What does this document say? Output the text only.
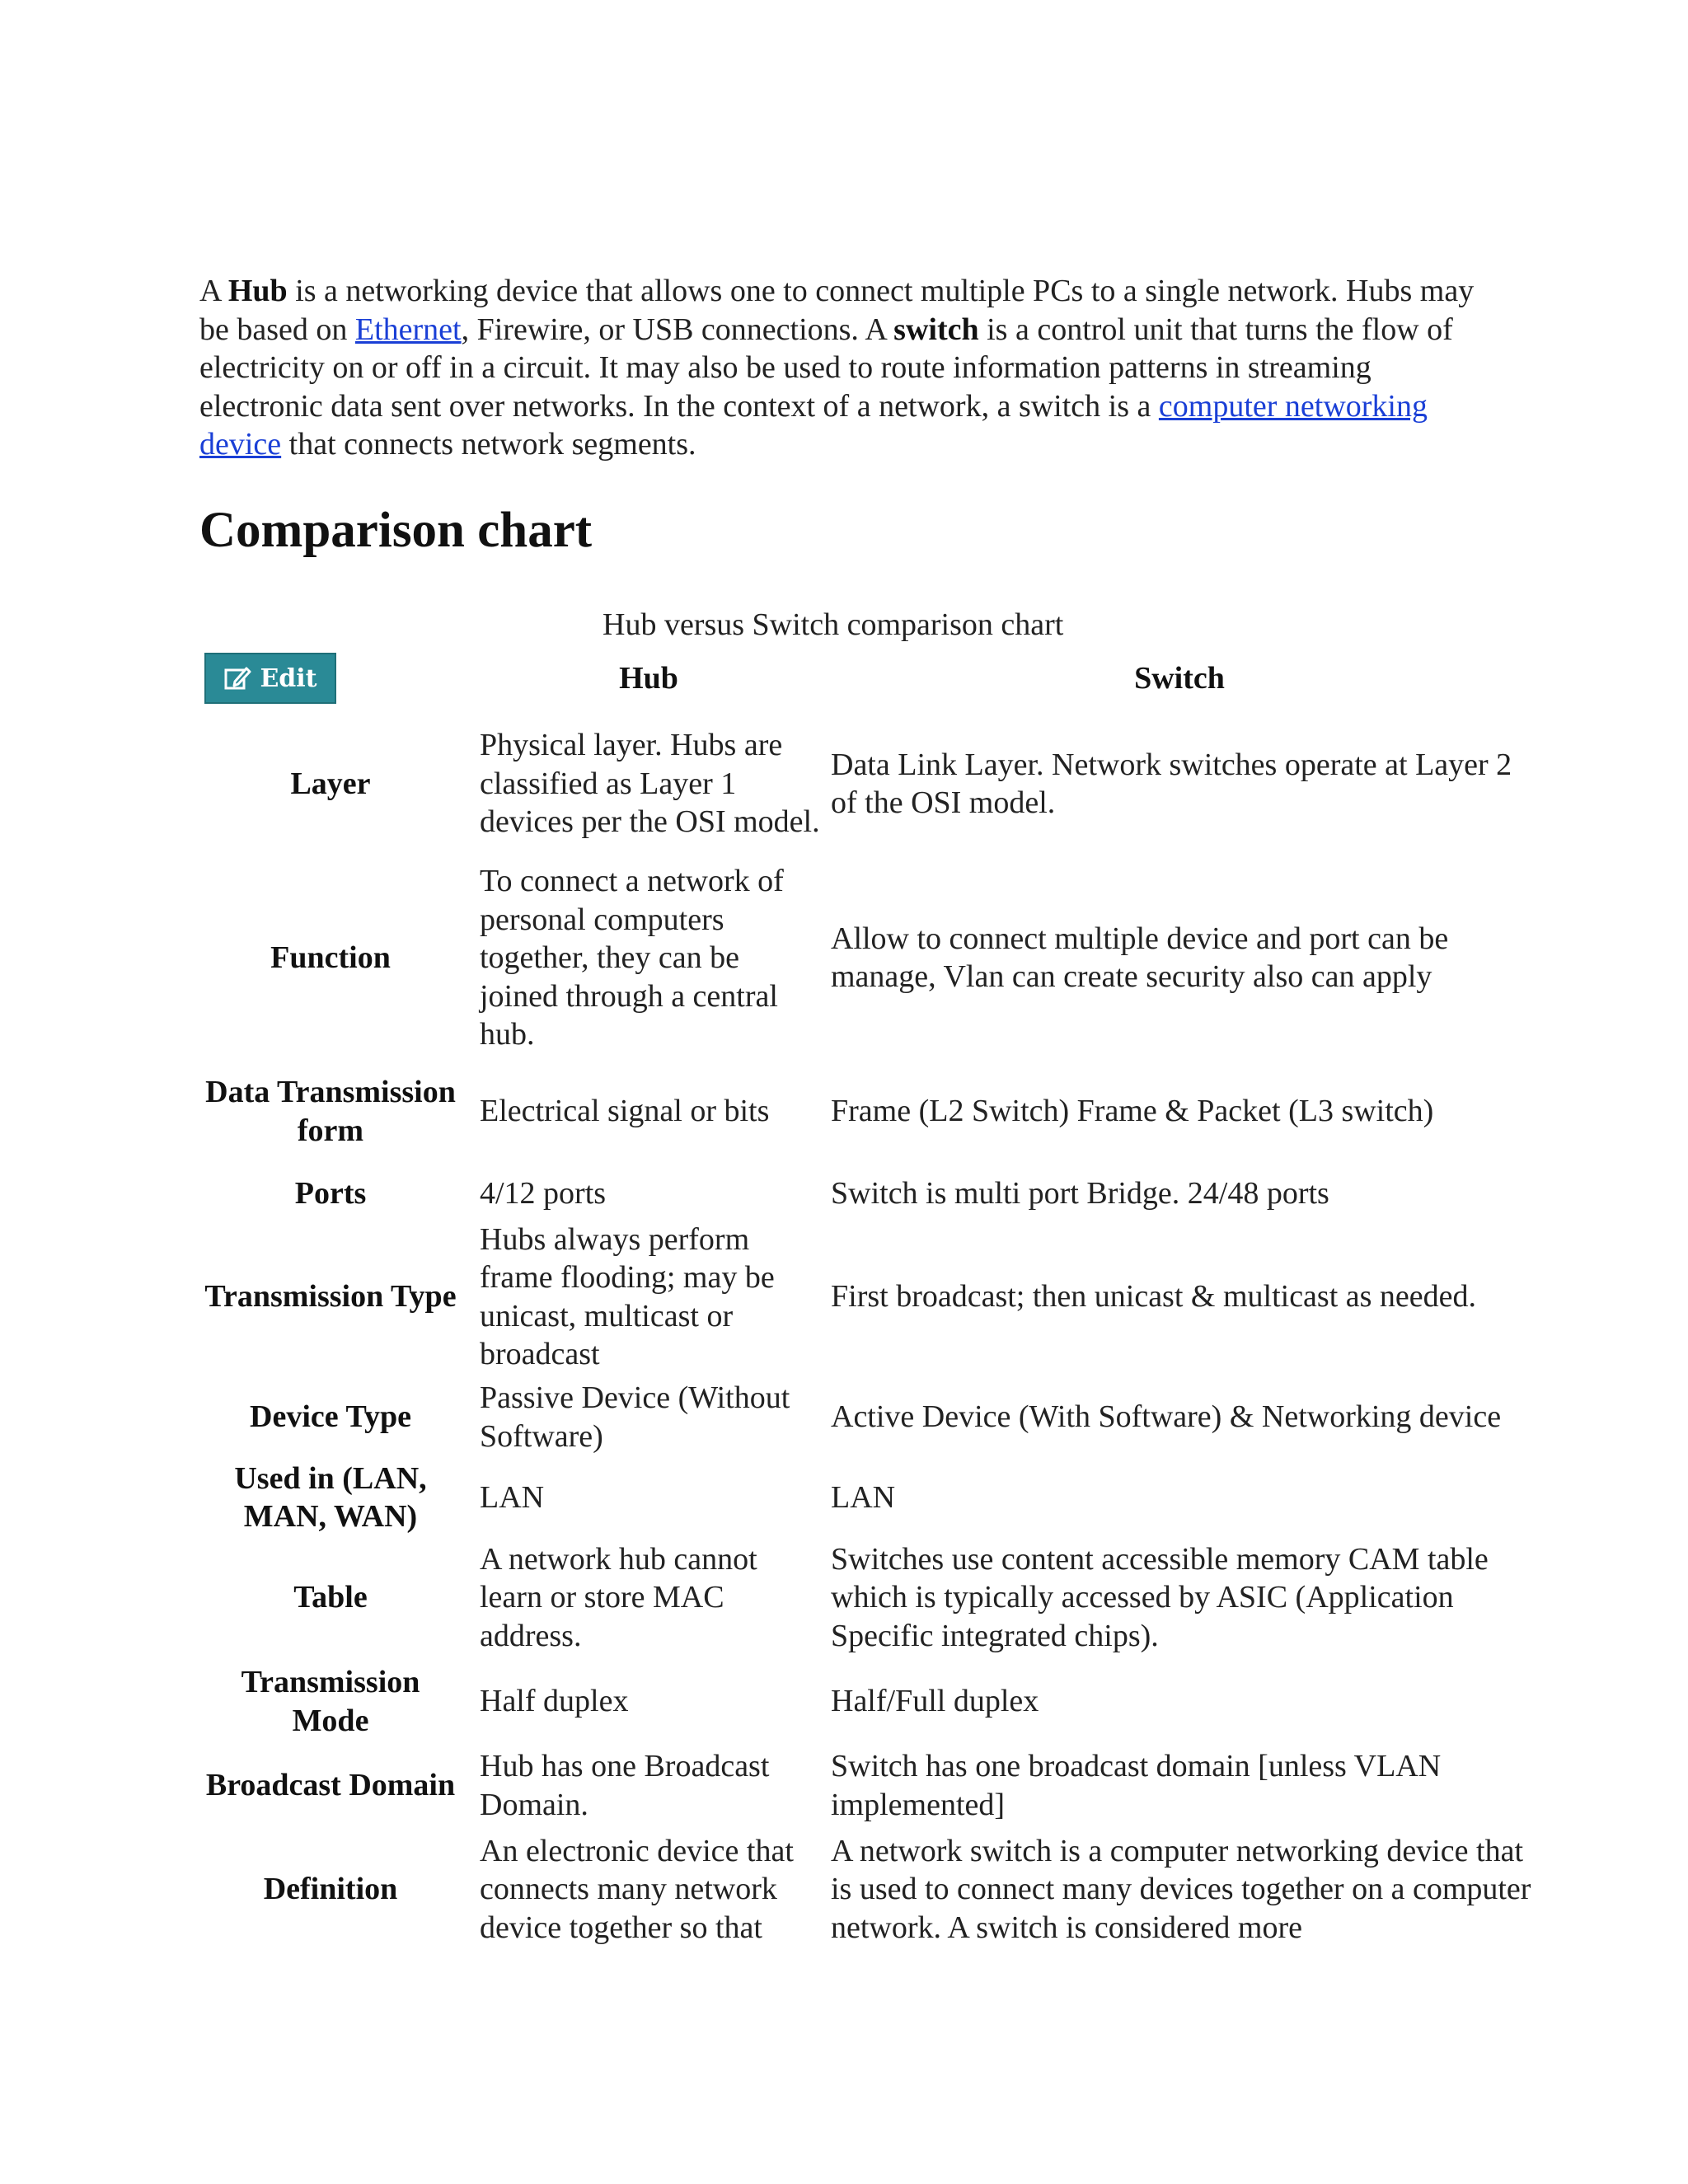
A Hub is a networking device that allows one to connect multiple PCs to a single network. Hubs may be based on Ethernet, Firewire, or USB connections. A switch is a control unit that turns the flow of electricity on or off in a circuit. It may also be used to route information patterns in streaming electronic data sent over networks. In the context of a network, a switch is a computer networking device that connects network segments.

Comparison chart
Hub versus Switch comparison chart
Edit
		Hub	Switch
Layer	Physical layer. Hubs are classified as Layer 1 devices per the OSI model.	Data Link Layer. Network switches operate at Layer 2 of the OSI model.
Function	To connect a network of personal computers together, they can be joined through a central hub.	Allow to connect multiple device and port can be manage, Vlan can create security also can apply
Data Transmission form	Electrical signal or bits	Frame (L2 Switch) Frame & Packet (L3 switch)
Ports	4/12 ports	Switch is multi port Bridge. 24/48 ports
Transmission Type	Hubs always perform frame flooding; may be unicast, multicast or broadcast	First broadcast; then unicast & multicast as needed.
Device Type	Passive Device (Without Software)	Active Device (With Software) & Networking device
Used in (LAN, MAN, WAN)	LAN	LAN
Table	A network hub cannot learn or store MAC address.	Switches use content accessible memory CAM table which is typically accessed by ASIC (Application Specific integrated chips).
Transmission Mode	Half duplex	Half/Full duplex
Broadcast Domain	Hub has one Broadcast Domain.	Switch has one broadcast domain [unless VLAN implemented]
Definition	An electronic device that connects many network device together so that	A network switch is a computer networking device that is used to connect many devices together on a computer network. A switch is considered more
